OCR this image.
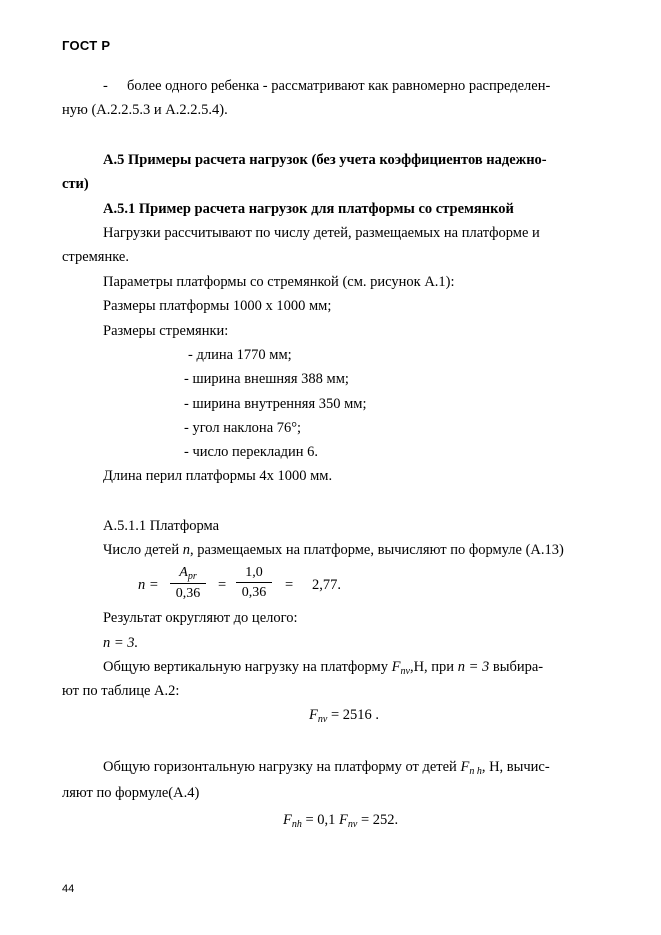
ГОСТ Р
- более одного ребенка - рассматривают как равномерно распределен-
ную (А.2.2.5.3 и А.2.2.5.4).
А.5 Примеры расчета нагрузок (без учета коэффициентов надежно-
сти)
А.5.1 Пример расчета нагрузок для платформы со стремянкой
Нагрузки рассчитывают по числу детей, размещаемых на платформе и
стремянке.
Параметры платформы со стремянкой (см. рисунок А.1):
Размеры платформы 1000 х 1000 мм;
Размеры стремянки:
- длина 1770 мм;
- ширина внешняя 388 мм;
- ширина внутренняя 350 мм;
- угол наклона 76°;
- число перекладин 6.
Длина перил платформы 4х 1000 мм.
А.5.1.1 Платформа
Число детей n, размещаемых на платформе, вычисляют по формуле (А.13)
n =
$A_{pr}$
0,36
= $\frac{1,0}{0,36} = 2,77$.
Результат округляют до целого:
n = 3.
Общую вертикальную нагрузку на платформу $F_{nv},Н$, при n = 3 выбира-
ют по таблице А.2:
$F_{nv} = 2516$ .
Общую горизонтальную нагрузку на платформу от детей $F_{n h}$, Н, вычис-
ляют по формуле(А.4)
$F_{nh} = 0,1$ $F_{nv} = 252$.
44
